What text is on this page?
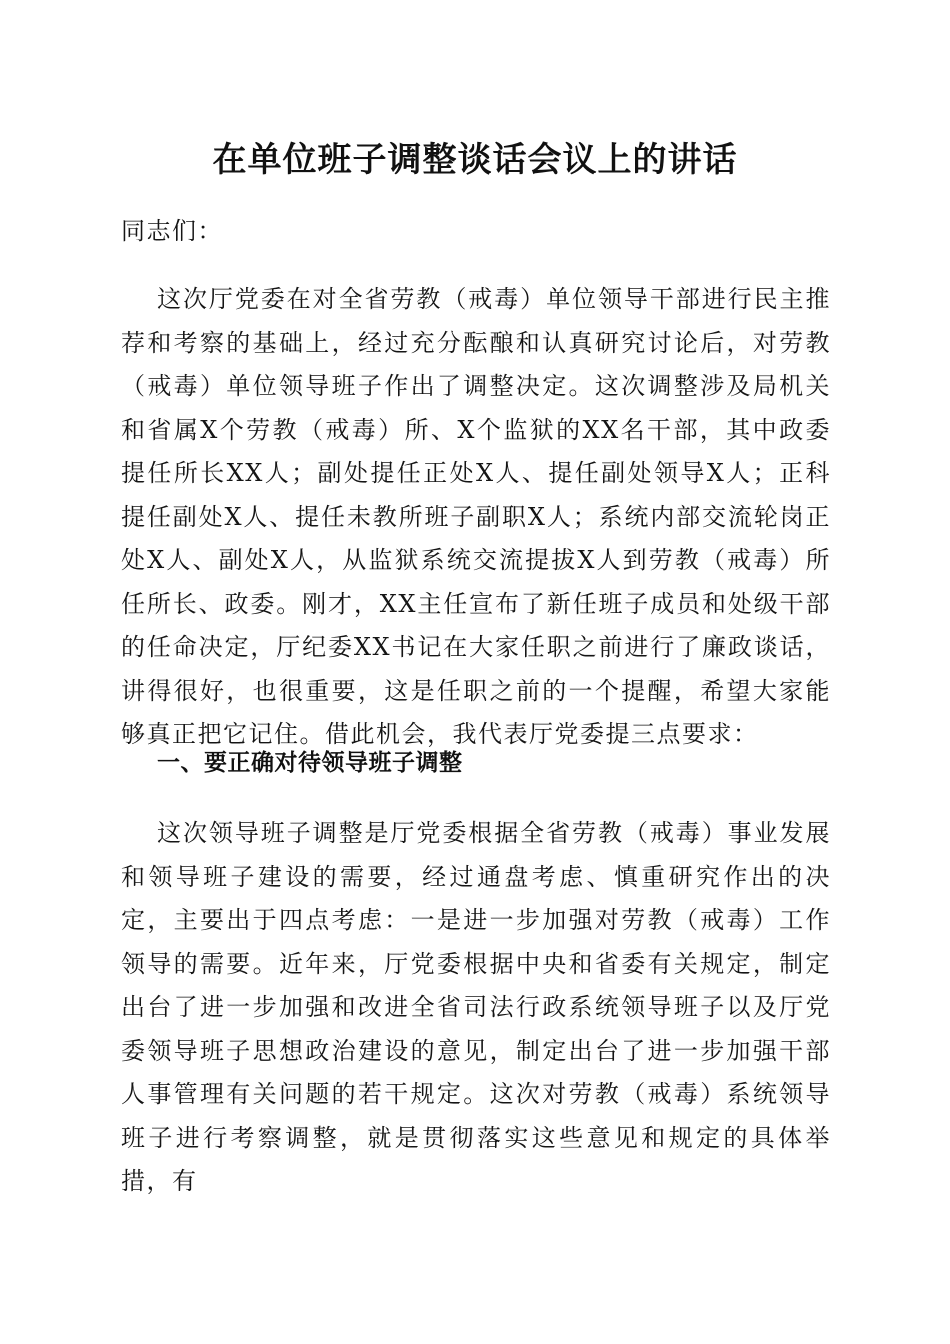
在单位班子调整谈话会议上的讲话
同志们：
这次厅党委在对全省劳教（戒毒）单位领导干部进行民主推荐和考察的基础上，经过充分酝酿和认真研究讨论后，对劳教（戒毒）单位领导班子作出了调整决定。这次调整涉及局机关和省属X个劳教（戒毒）所、X个监狱的XX名干部，其中政委提任所长XX人；副处提任正处X人、提任副处领导X人；正科提任副处X人、提任未教所班子副职X人；系统内部交流轮岗正处X人、副处X人，从监狱系统交流提拔X人到劳教（戒毒）所任所长、政委。刚才，XX主任宣布了新任班子成员和处级干部的任命决定，厅纪委XX书记在大家任职之前进行了廉政谈话，讲得很好，也很重要，这是任职之前的一个提醒，希望大家能够真正把它记住。借此机会，我代表厅党委提三点要求：
一、要正确对待领导班子调整
这次领导班子调整是厅党委根据全省劳教（戒毒）事业发展和领导班子建设的需要，经过通盘考虑、慎重研究作出的决定，主要出于四点考虑：一是进一步加强对劳教（戒毒）工作领导的需要。近年来，厅党委根据中央和省委有关规定，制定出台了进一步加强和改进全省司法行政系统领导班子以及厅党委领导班子思想政治建设的意见，制定出台了进一步加强干部人事管理有关问题的若干规定。这次对劳教（戒毒）系统领导班子进行考察调整，就是贯彻落实这些意见和规定的具体举措，有
